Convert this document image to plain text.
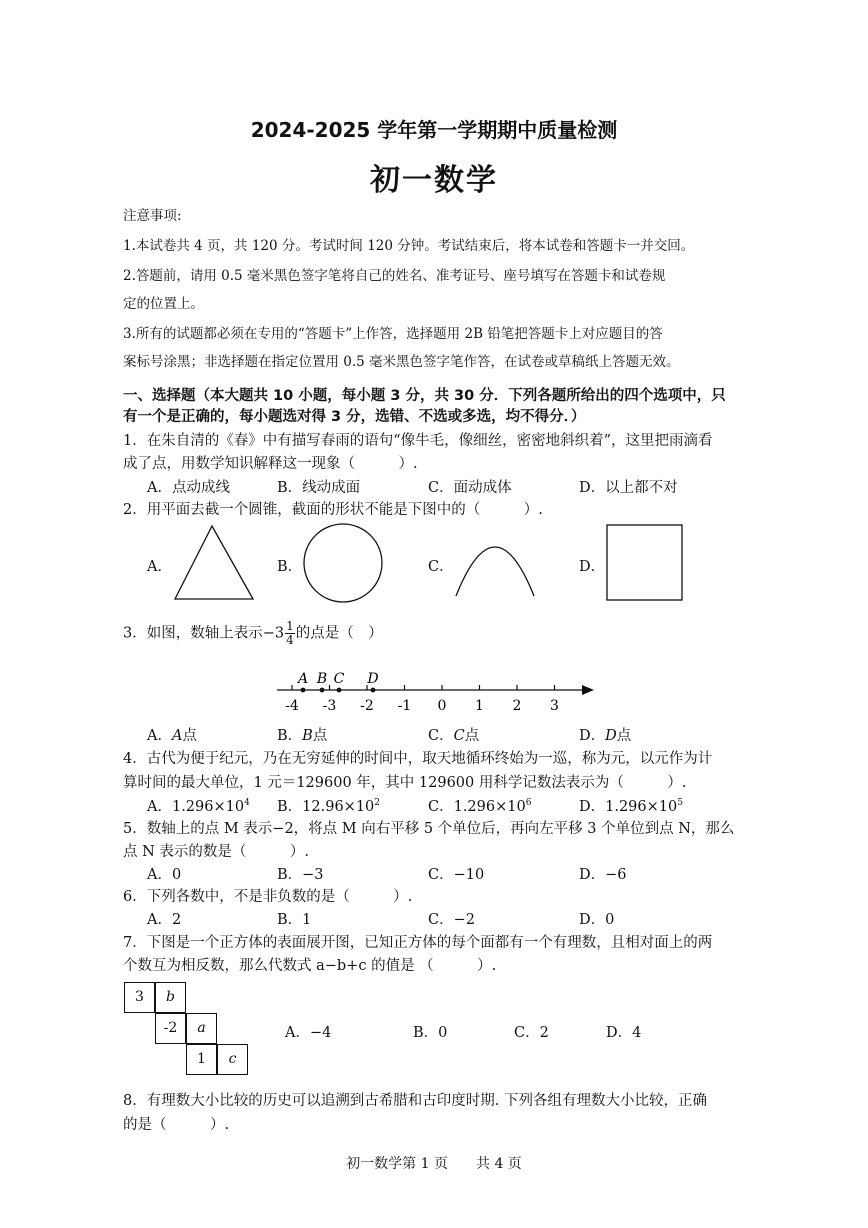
2024-2025 学年第一学期期中质量检测
初一数学
注意事项:
1.本试卷共 4 页，共 120 分。考试时间 120 分钟。考试结束后，将本试卷和答题卡一并交回。
2.答题前，请用 0.5 毫米黑色签字笔将自己的姓名、准考证号、座号填写在答题卡和试卷规
定的位置上。
3.所有的试题都必须在专用的“答题卡”上作答，选择题用 2B 铅笔把答题卡上对应题目的答
案标号涂黑；非选择题在指定位置用 0.5 毫米黑色签字笔作答，在试卷或草稿纸上答题无效。
一、选择题（本大题共 10 小题，每小题 3 分，共 30 分．下列各题所给出的四个选项中，只
有一个是正确的，每小题选对得 3 分，选错、不选或多选，均不得分．）
1．在朱自清的《春》中有描写春雨的语句“像牛毛，像细丝，密密地斜织着”，这里把雨滴看
成了点，用数学知识解释这一现象（　　　）.
A．点动成线	B．线动成面	C．面动成体	D．以上都不对
2．用平面去截一个圆锥，截面的形状不能是下图中的（　　　）.
A．	B．	C．	D．
3．如图，数轴上表示$-3 \frac{1}{4}$ 的点是（　）
-4 -3 -2 -1 0 1 2 3
A B C D
A．A点	B．B点	C．C点	D．D点
4．古代为便于纪元，乃在无穷延伸的时间中，取天地循环终始为一巡，称为元，以元作为计
算时间的最大单位，1 元＝129600 年，其中 129600 用科学记数法表示为（　　　）.
A．$1.296\times 10^4$ B．$12.96\times 10^2$	C．$1.296\times 10^6$	D．$1.296\times 10^5$
5．数轴上的点 M 表示−2，将点 M 向右平移 5 个单位后，再向左平移 3 个单位到点 N，那么
点 N 表示的数是（　　　）.
A．0	B．−3	C．−10	D．−6
6．下列各数中，不是非负数的是（　　　）.
A．2	B．1	C．−2	D．0
7．下图是一个正方体的表面展开图，已知正方体的每个面都有一个有理数，且相对面上的两
个数互为相反数，那么代数式 a−b+c 的值是 （　　　）.
3	b
-2	a
1	c
A．−4	B．0	C．2	D．4
8．有理数大小比较的历史可以追溯到古希腊和古印度时期. 下列各组有理数大小比较，正确
的是（　　　）.
初一数学第 1 页　　共 4 页
